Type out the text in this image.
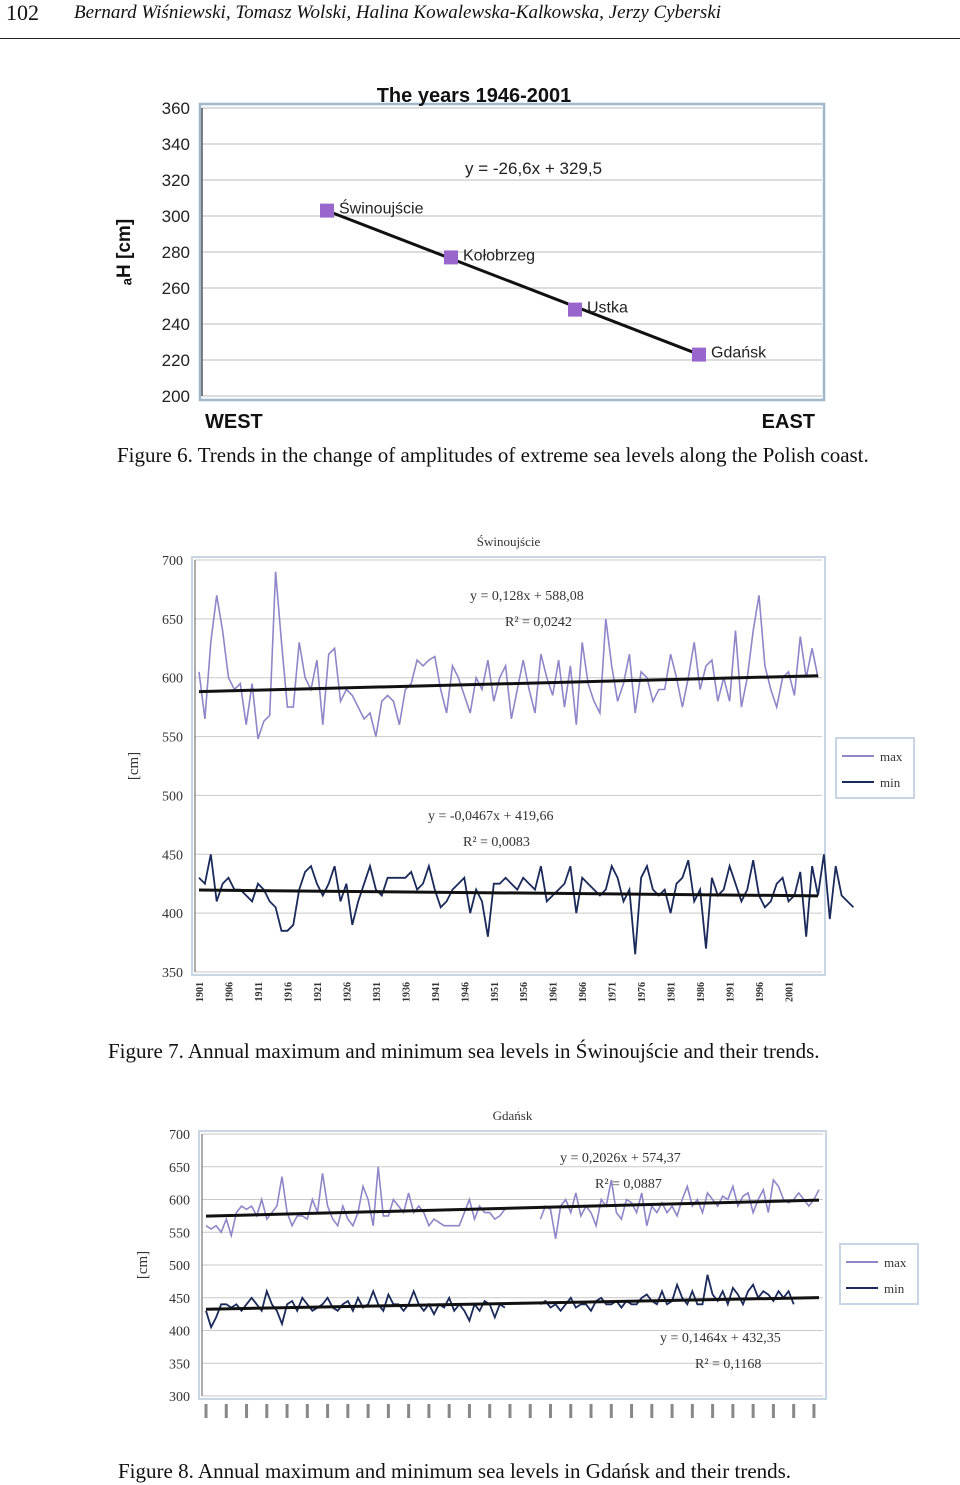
102 Bernard Wiśniewski, Tomasz Wolski, Halina Kowalewska-Kalkowska, Jerzy Cyberski
200
220
240
260
280
300
320
340
360
The years 1946-2001
ₐH [cm]
WEST	EAST
y = -26,6x + 329,5
Świnoujście
Kołobrzeg
Ustka
Gdańsk
Figure 6. Trends in the change of amplitudes of extreme sea levels along the Polish coast.
350
400
450
500
550
600
650
700
Świnoujście
[cm]
y = 0,128x + 588,08
R² = 0,0242
y = -0,0467x + 419,66
R² = 0,0083
max
min
1901 1906 1911 1916 1921 1926 1931 1936 1941 1946 1951 1956 1961 1966 1971 1976 1981 1986 1991 1996 2001
Figure 7. Annual maximum and minimum sea levels in Świnoujście and their trends.
300
350
400
450
500
550
600
650
700
Gdańsk
[cm]
y = 0,2026x + 574,37
R² = 0,0887
y = 0,1464x + 432,35
R² = 0,1168
max
min
Figure 8. Annual maximum and minimum sea levels in Gdańsk and their trends.
